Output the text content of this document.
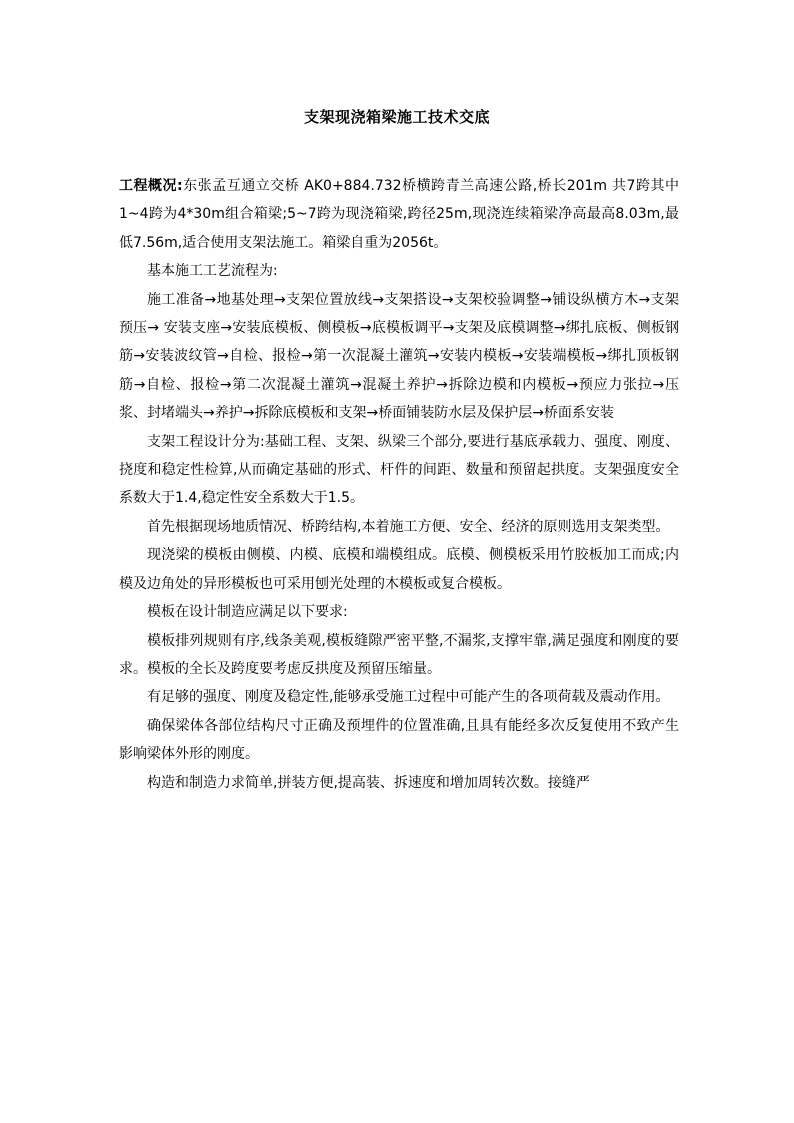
支架现浇箱梁施工技术交底

工程概况:东张孟互通立交桥 AK0+884.732桥横跨青兰高速公路,桥长201m 共7跨其中1~4跨为4*30m组合箱梁;5~7跨为现浇箱梁,跨径25m,现浇连续箱梁净高最高8.03m,最低7.56m,适合使用支架法施工。箱梁自重为2056t。

基本施工工艺流程为:

施工准备→地基处理→支架位置放线→支架搭设→支架校验调整→铺设纵横方木→支架预压→ 安装支座→安装底模板、侧模板→底模板调平→支架及底模调整→绑扎底板、侧板钢筋→安装波纹管→自检、报检→第一次混凝土灌筑→安装内模板→安装端模板→绑扎顶板钢筋→自检、报检→第二次混凝土灌筑→混凝土养护→拆除边模和内模板→预应力张拉→压浆、封堵端头→养护→拆除底模板和支架→桥面铺装防水层及保护层→桥面系安装

支架工程设计分为:基础工程、支架、纵梁三个部分,要进行基底承载力、强度、刚度、挠度和稳定性检算,从而确定基础的形式、杆件的间距、数量和预留起拱度。支架强度安全系数大于1.4,稳定性安全系数大于1.5。

首先根据现场地质情况、桥跨结构,本着施工方便、安全、经济的原则选用支架类型。

现浇梁的模板由侧模、内模、底模和端模组成。底模、侧模板采用竹胶板加工而成;内模及边角处的异形模板也可采用刨光处理的木模板或复合模板。

模板在设计制造应满足以下要求:

模板排列规则有序,线条美观,模板缝隙严密平整,不漏浆,支撑牢靠,满足强度和刚度的要求。模板的全长及跨度要考虑反拱度及预留压缩量。

有足够的强度、刚度及稳定性,能够承受施工过程中可能产生的各项荷载及震动作用。

确保梁体各部位结构尺寸正确及预埋件的位置准确,且具有能经多次反复使用不致产生影响梁体外形的刚度。

构造和制造力求简单,拼装方便,提高装、拆速度和增加周转次数。接缝严
